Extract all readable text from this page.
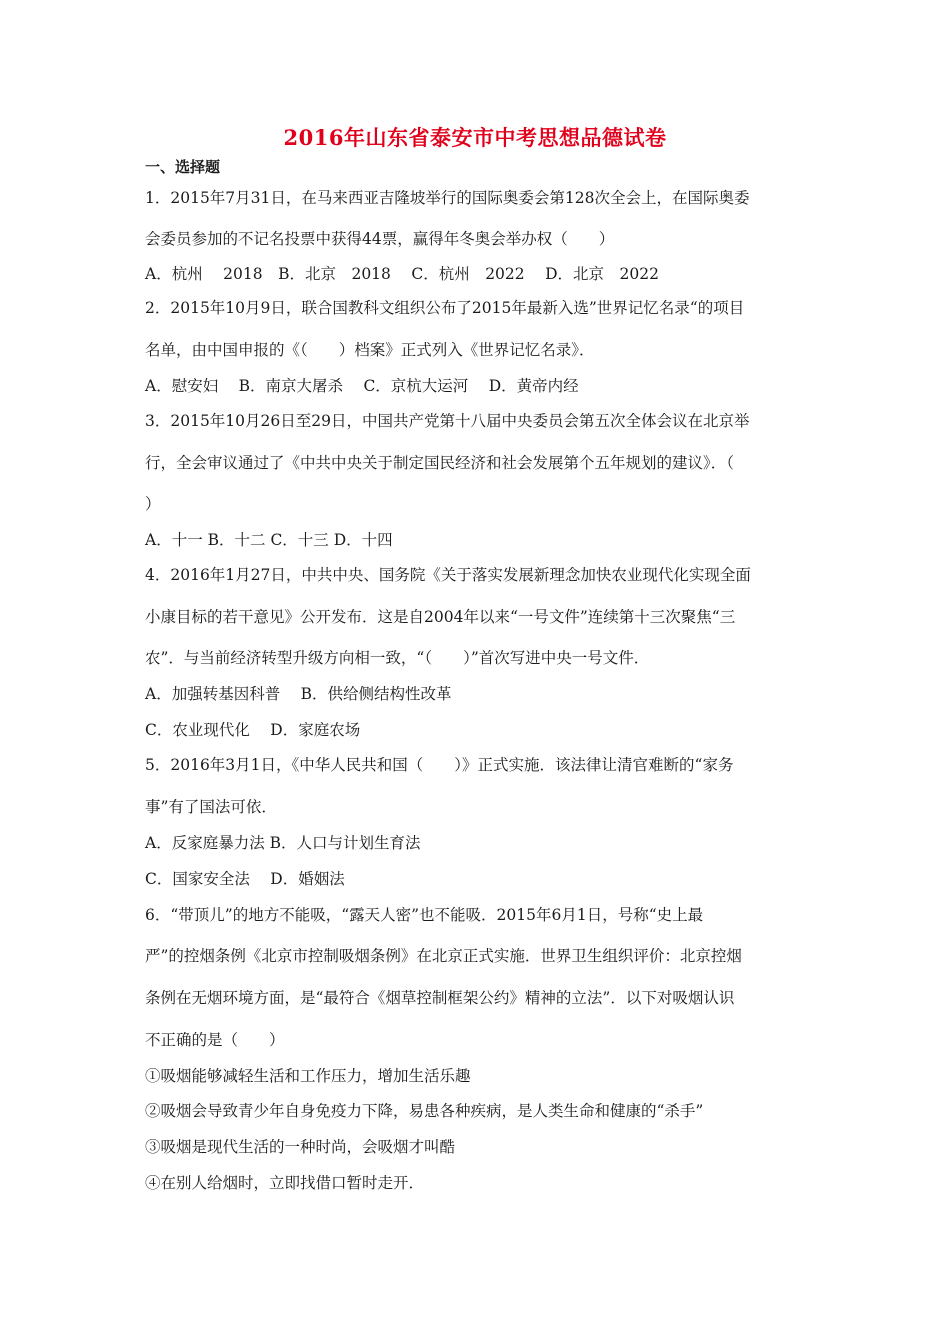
2016年山东省泰安市中考思想品德试卷
一、选择题
1．2015年7月31日，在马来西亚吉隆坡举行的国际奥委会第128次全会上，在国际奥委
会委员参加的不记名投票中获得44票，赢得年冬奥会举办权（　　）
A．杭州　 2018　B．北京　2018　 C．杭州　2022　 D．北京　2022
2．2015年10月9日，联合国教科文组织公布了2015年最新入选”世界记忆名录“的项目
名单，由中国申报的《（　　）档案》正式列入《世界记忆名录》．
A．慰安妇　 B．南京大屠杀　 C．京杭大运河　 D．黄帝内经
3．2015年10月26日至29日，中国共产党第十八届中央委员会第五次全体会议在北京举
行，全会审议通过了《中共中央关于制定国民经济和社会发展第个五年规划的建议》．（
）
A．十一 B．十二 C．十三 D．十四
4．2016年1月27日，中共中央、国务院《关于落实发展新理念加快农业现代化实现全面
小康目标的若干意见》公开发布．这是自2004年以来“一号文件”连续第十三次聚焦“三
农”．与当前经济转型升级方向相一致，“（　　）”首次写进中央一号文件．
A．加强转基因科普　 B．供给侧结构性改革
C．农业现代化　 D．家庭农场
5．2016年3月1日，《中华人民共和国（　　）》正式实施．该法律让清官难断的“家务
事”有了国法可依．
A．反家庭暴力法 B．人口与计划生育法
C．国家安全法　 D．婚姻法
6．“带顶儿”的地方不能吸，“露天人密”也不能吸．2015年6月1日，号称“史上最
严”的控烟条例《北京市控制吸烟条例》在北京正式实施．世界卫生组织评价：北京控烟
条例在无烟环境方面，是“最符合《烟草控制框架公约》精神的立法”．以下对吸烟认识
不正确的是（　　）
①吸烟能够减轻生活和工作压力，增加生活乐趣
②吸烟会导致青少年自身免疫力下降，易患各种疾病，是人类生命和健康的“杀手”
③吸烟是现代生活的一种时尚，会吸烟才叫酷
④在别人给烟时，立即找借口暂时走开．
